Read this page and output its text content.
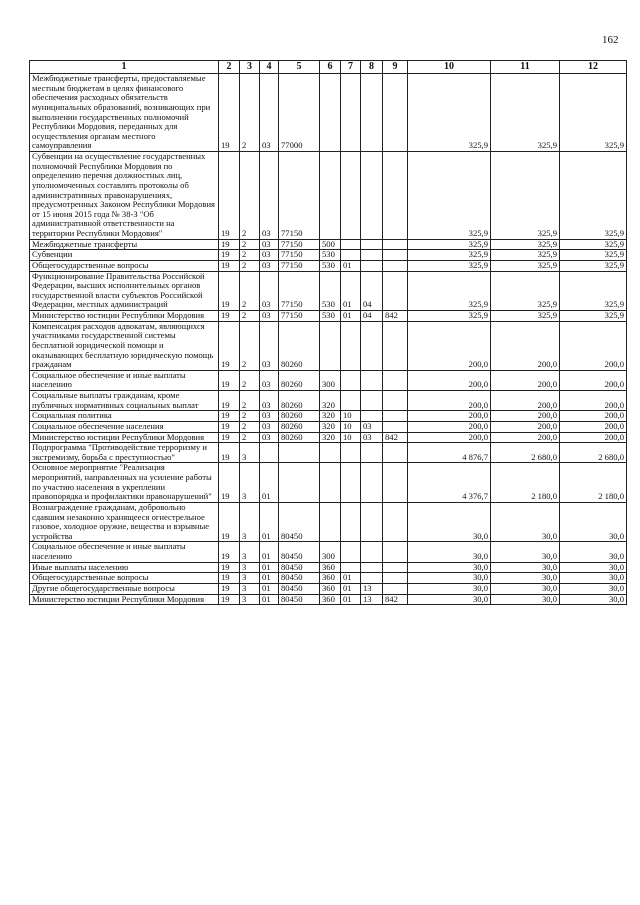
162
1	2	3	4	5	6	7	8	9	10	11	12
Межбюджетные трансферты, предоставляемые местным бюджетам в целях финансового обеспечения расходных обязательств муниципальных образований, возникающих при выполнении государственных полномочий Республики Мордовия, переданных для осуществления органам местного самоуправления	19	2	03	77000					325,9	325,9	325,9
Субвенции на осуществление государственных полномочий Республики Мордовия по определению перечня должностных лиц, уполномоченных составлять протоколы об административных правонарушениях, предусмотренных Законом Республики Мордовия от 15 июня 2015 года № 38-З "Об административной ответственности на территории Республики Мордовия"	19	2	03	77150					325,9	325,9	325,9
Межбюджетные трансферты	19	2	03	77150	500				325,9	325,9	325,9
Субвенции	19	2	03	77150	530				325,9	325,9	325,9
Общегосударственные вопросы	19	2	03	77150	530	01			325,9	325,9	325,9
Функционирование Правительства Российской Федерации, высших исполнительных органов государственной власти субъектов Российской Федерации, местных администраций	19	2	03	77150	530	01	04		325,9	325,9	325,9
Министерство юстиции Республики Мордовия	19	2	03	77150	530	01	04	842	325,9	325,9	325,9
Компенсация расходов адвокатам, являющихся участниками государственной системы бесплатной юридической помощи и оказывающих бесплатную юридическую помощь гражданам	19	2	03	80260					200,0	200,0	200,0
Социальное обеспечение и иные выплаты населению	19	2	03	80260	300				200,0	200,0	200,0
Социальные выплаты гражданам, кроме публичных нормативных социальных выплат	19	2	03	80260	320				200,0	200,0	200,0
Социальная политика	19	2	03	80260	320	10			200,0	200,0	200,0
Социальное обеспечение населения	19	2	03	80260	320	10	03		200,0	200,0	200,0
Министерство юстиции Республики Мордовия	19	2	03	80260	320	10	03	842	200,0	200,0	200,0
Подпрограмма "Противодействие терроризму и экстремизму, борьба с преступностью"	19	3							4 876,7	2 680,0	2 680,0
Основное мероприятие "Реализация мероприятий, направленных на усиление работы по участию населения в укреплении правопорядка и профилактики правонарушений"	19	3	01						4 376,7	2 180,0	2 180,0
Вознаграждение гражданам, добровольно сдавшим незаконно хранящееся огнестрельное газовое, холодное оружие, вещества и взрывные устройства	19	3	01	80450					30,0	30,0	30,0
Социальное обеспечение и иные выплаты населению	19	3	01	80450	300				30,0	30,0	30,0
Иные выплаты населению	19	3	01	80450	360				30,0	30,0	30,0
Общегосударственные вопросы	19	3	01	80450	360	01			30,0	30,0	30,0
Другие общегосударственные вопросы	19	3	01	80450	360	01	13		30,0	30,0	30,0
Министерство юстиции Республики Мордовия	19	3	01	80450	360	01	13	842	30,0	30,0	30,0
